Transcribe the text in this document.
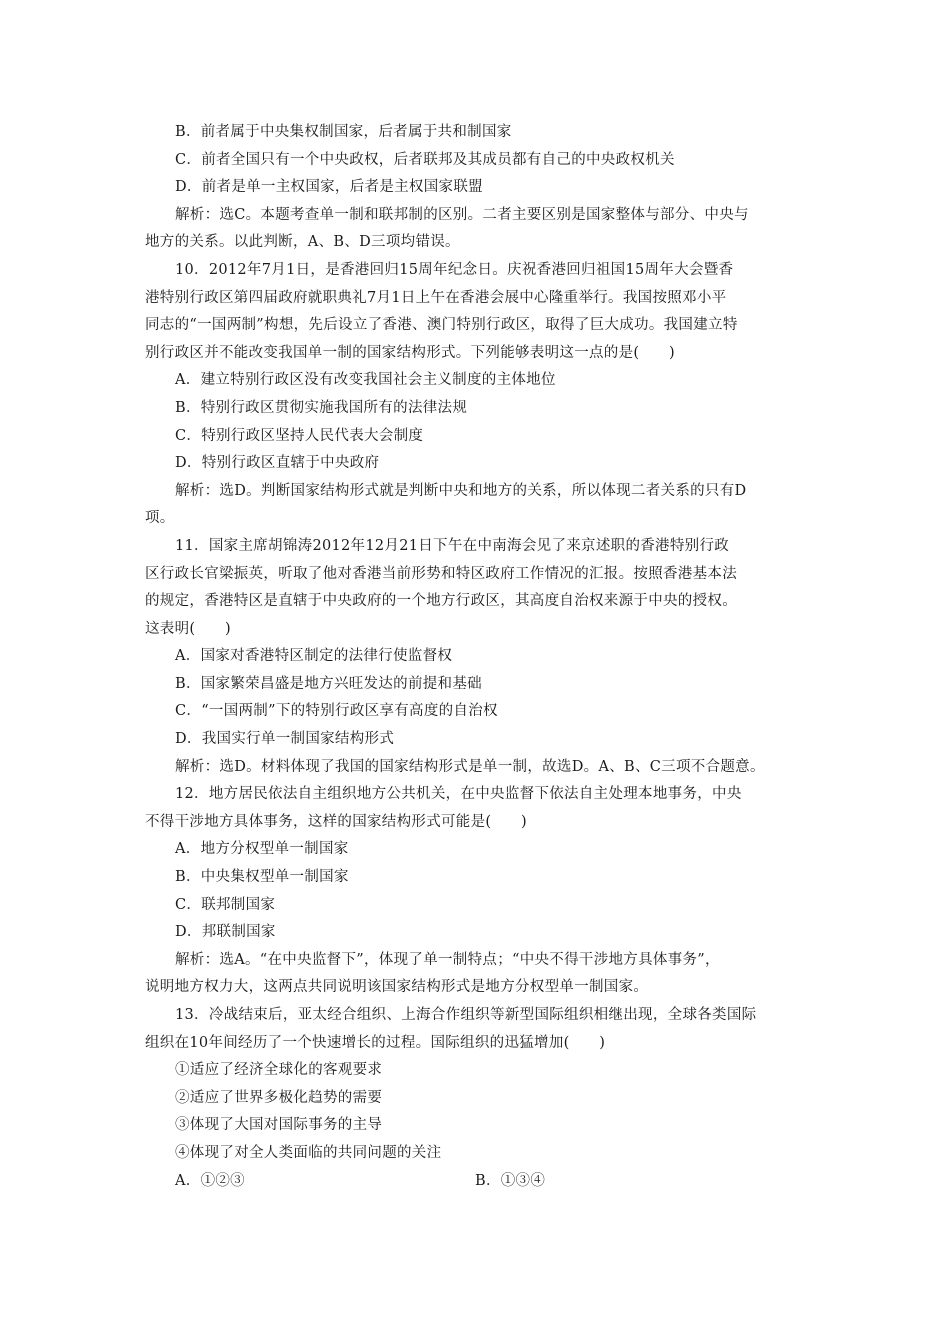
B．前者属于中央集权制国家，后者属于共和制国家
C．前者全国只有一个中央政权，后者联邦及其成员都有自己的中央政权机关
D．前者是单一主权国家，后者是主权国家联盟
解析：选C。本题考查单一制和联邦制的区别。二者主要区别是国家整体与部分、中央与
地方的关系。以此判断，A、B、D三项均错误。
10．2012年7月1日，是香港回归15周年纪念日。庆祝香港回归祖国15周年大会暨香
港特别行政区第四届政府就职典礼7月1日上午在香港会展中心隆重举行。我国按照邓小平
同志的“一国两制”构想，先后设立了香港、澳门特别行政区，取得了巨大成功。我国建立特
别行政区并不能改变我国单一制的国家结构形式。下列能够表明这一点的是(　　)
A．建立特别行政区没有改变我国社会主义制度的主体地位
B．特别行政区贯彻实施我国所有的法律法规
C．特别行政区坚持人民代表大会制度
D．特别行政区直辖于中央政府
解析：选D。判断国家结构形式就是判断中央和地方的关系，所以体现二者关系的只有D
项。
11．国家主席胡锦涛2012年12月21日下午在中南海会见了来京述职的香港特别行政
区行政长官梁振英，听取了他对香港当前形势和特区政府工作情况的汇报。按照香港基本法
的规定，香港特区是直辖于中央政府的一个地方行政区，其高度自治权来源于中央的授权。
这表明(　　)
A．国家对香港特区制定的法律行使监督权
B．国家繁荣昌盛是地方兴旺发达的前提和基础
C．“一国两制”下的特别行政区享有高度的自治权
D．我国实行单一制国家结构形式
解析：选D。材料体现了我国的国家结构形式是单一制，故选D。A、B、C三项不合题意。
12．地方居民依法自主组织地方公共机关，在中央监督下依法自主处理本地事务，中央
不得干涉地方具体事务，这样的国家结构形式可能是(　　)
A．地方分权型单一制国家
B．中央集权型单一制国家
C．联邦制国家
D．邦联制国家
解析：选A。“在中央监督下”，体现了单一制特点；“中央不得干涉地方具体事务”，
说明地方权力大，这两点共同说明该国家结构形式是地方分权型单一制国家。
13．冷战结束后，亚太经合组织、上海合作组织等新型国际组织相继出现，全球各类国际
组织在10年间经历了一个快速增长的过程。国际组织的迅猛增加(　　)
①适应了经济全球化的客观要求
②适应了世界多极化趋势的需要
③体现了大国对国际事务的主导
④体现了对全人类面临的共同问题的关注
A．①②③	B．①③④
